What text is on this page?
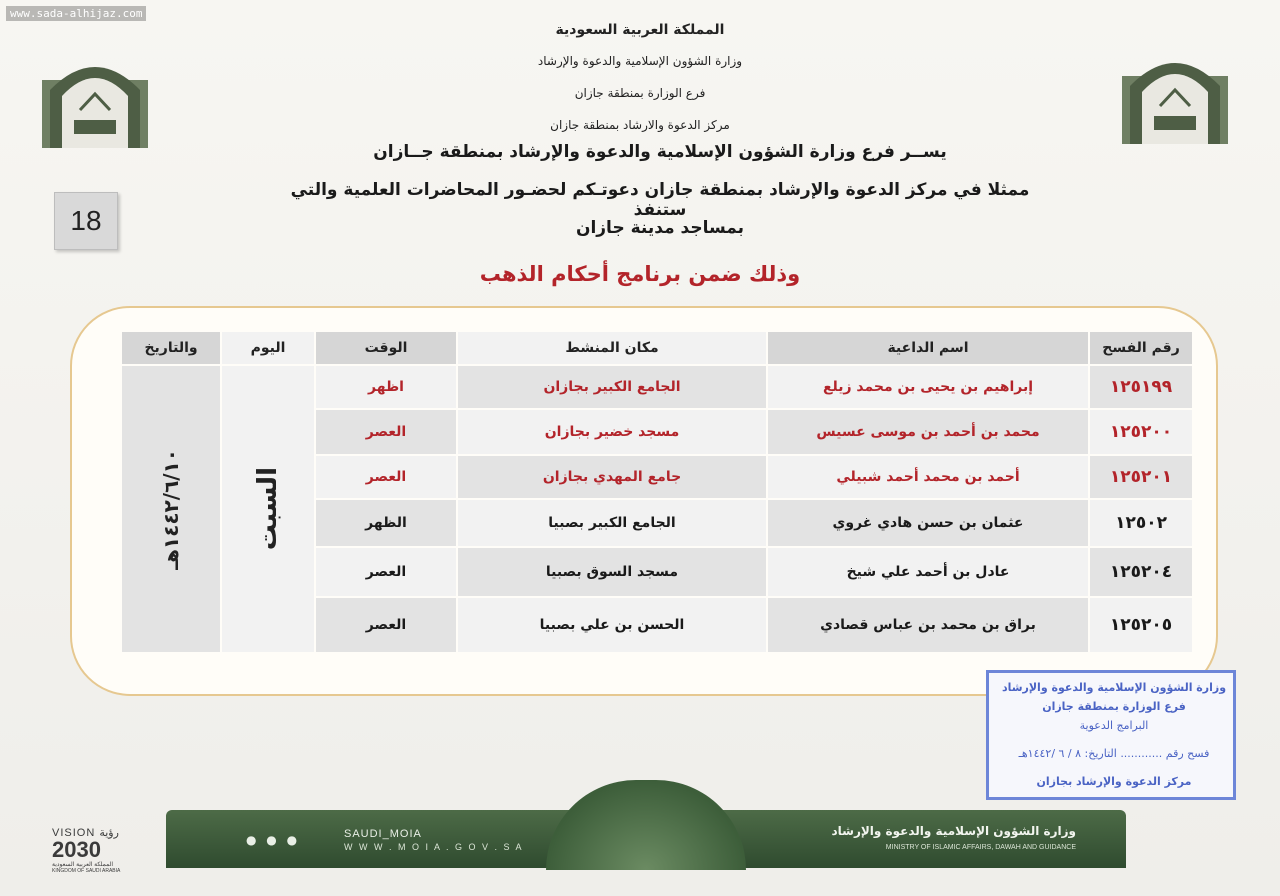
www.sada-alhijaz.com
المملكة العربية السعودية
وزارة الشؤون الإسلامية والدعوة والإرشاد
فرع الوزارة بمنطقة جازان
مركز الدعوة والارشاد بمنطقة جازان
يســر فرع وزارة الشؤون الإسلامية والدعوة والإرشاد بمنطقة جــازان
ممثلا في مركز الدعوة والإرشاد بمنطقة جازان دعوتـكم لحضـور المحاضرات العلمية والتي ستنفذ
بمساجد مدينة جازان
وذلك ضمن برنامج أحكام الذهب
18
رقم الفسح
اسم الداعية
مكان المنشط
الوقت
اليوم
والتاريخ
السبت
١٤٤٢/٦/١٠هـ
١٢٥١٩٩
إبراهيم بن يحيى بن محمد زيلع
الجامع الكبير بجازان
اظهر
١٢٥٢٠٠
محمد بن أحمد بن موسى عسيس
مسجد خضير بجازان
العصر
١٢٥٢٠١
أحمد بن محمد أحمد شبيلي
جامع المهدي بجازان
العصر
١٢٥٠٢
عثمان بن حسن هادي غروي
الجامع الكبير بصبيا
الظهر
١٢٥٢٠٤
عادل بن أحمد علي شيخ
مسجد السوق بصبيا
العصر
١٢٥٢٠٥
براق بن محمد بن عباس قصادي
الحسن بن علي بصبيا
العصر
وزارة الشؤون الإسلامية والدعوة والإرشاد
فرع الوزارة بمنطقة جازان
البرامج الدعوية
فسح رقم ............ التاريخ: ٨ / ٦ /١٤٤٢هـ
مركز الدعوة والإرشاد بجازان
● ● ●	SAUDI_MOIA
W W W . M O I A . G O V . S A
وزارة الشؤون الإسلامية والدعوة والإرشاد
MINISTRY OF ISLAMIC AFFAIRS, DAWAH AND GUIDANCE
VISION رؤية
2030
المملكة العربية السعودية
KINGDOM OF SAUDI ARABIA
